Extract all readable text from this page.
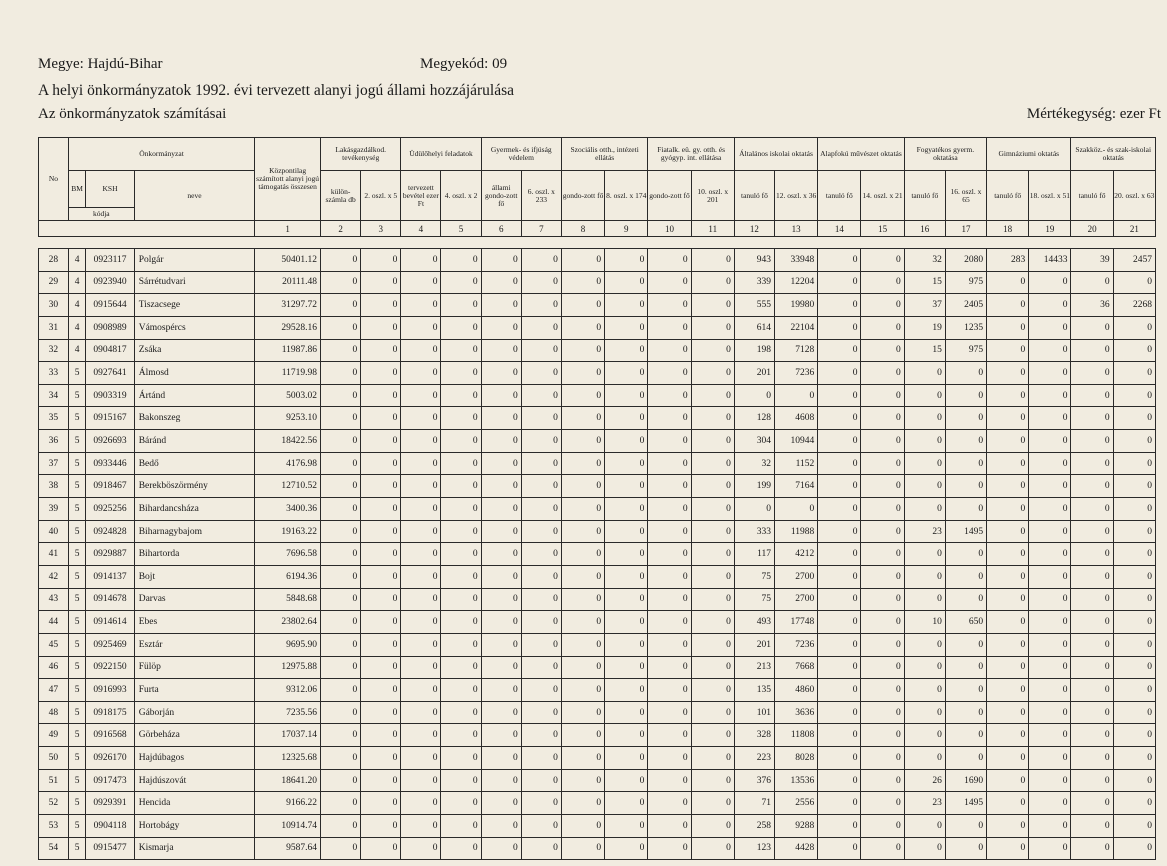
Megye: Hajdú-Bihar	Megyekód: 09
A helyi önkormányzatok 1992. évi tervezett alanyi jogú állami hozzájárulása
Az önkormányzatok számításai	Mértékegység: ezer Ft
No	Önkormányzat			Központilag számított alanyi jogú támogatás összesen	Lakásgazdálkod. tevékenység		Üdülőhelyi feladatok		Gyermek- és ifjúság védelem		Szociális otth., intézeti ellátás		Fiatalk. eü. gy. otth. és gyógyp. int. ellátása		Általános iskolai oktatás		Alapfokú művészet oktatás		Fogyatékos gyerm. oktatása		Gimnáziumi oktatás		Szakköz.- és szak-iskolai oktatás	
	BM	KSH	neve		külön-számla db	2. oszl. x 5	tervezett bevétel ezer Ft	4. oszl. x 2	állami gondo-zott fő	6. oszl. x 233	gondo-zott fő	8. oszl. x 174	gondo-zott fő	10. oszl. x 201	tanuló fő	12. oszl. x 36	tanuló fő	14. oszl. x 21	tanuló fő	16. oszl. x 65	tanuló fő	18. oszl. x 51	tanuló fő	20. oszl. x 63
	kódja																							
				1	2	3	4	5	6	7	8	9	10	11	12	13	14	15	16	17	18	19	20	21

28	4	0923117	Polgár	50401.12	0	0	0	0	0	0	0	0	0	0	943	33948	0	0	32	2080	283	14433	39	2457
29	4	0923940	Sárrétudvari	20111.48	0	0	0	0	0	0	0	0	0	0	339	12204	0	0	15	975	0	0	0	0
30	4	0915644	Tiszacsege	31297.72	0	0	0	0	0	0	0	0	0	0	555	19980	0	0	37	2405	0	0	36	2268
31	4	0908989	Vámospércs	29528.16	0	0	0	0	0	0	0	0	0	0	614	22104	0	0	19	1235	0	0	0	0
32	4	0904817	Zsáka	11987.86	0	0	0	0	0	0	0	0	0	0	198	7128	0	0	15	975	0	0	0	0
33	5	0927641	Álmosd	11719.98	0	0	0	0	0	0	0	0	0	0	201	7236	0	0	0	0	0	0	0	0
34	5	0903319	Ártánd	5003.02	0	0	0	0	0	0	0	0	0	0	0	0	0	0	0	0	0	0	0	0
35	5	0915167	Bakonszeg	9253.10	0	0	0	0	0	0	0	0	0	0	128	4608	0	0	0	0	0	0	0	0
36	5	0926693	Báránd	18422.56	0	0	0	0	0	0	0	0	0	0	304	10944	0	0	0	0	0	0	0	0
37	5	0933446	Bedő	4176.98	0	0	0	0	0	0	0	0	0	0	32	1152	0	0	0	0	0	0	0	0
38	5	0918467	Berekböszörmény	12710.52	0	0	0	0	0	0	0	0	0	0	199	7164	0	0	0	0	0	0	0	0
39	5	0925256	Bihardancsháza	3400.36	0	0	0	0	0	0	0	0	0	0	0	0	0	0	0	0	0	0	0	0
40	5	0924828	Biharnagybajom	19163.22	0	0	0	0	0	0	0	0	0	0	333	11988	0	0	23	1495	0	0	0	0
41	5	0929887	Bihartorda	7696.58	0	0	0	0	0	0	0	0	0	0	117	4212	0	0	0	0	0	0	0	0
42	5	0914137	Bojt	6194.36	0	0	0	0	0	0	0	0	0	0	75	2700	0	0	0	0	0	0	0	0
43	5	0914678	Darvas	5848.68	0	0	0	0	0	0	0	0	0	0	75	2700	0	0	0	0	0	0	0	0
44	5	0914614	Ebes	23802.64	0	0	0	0	0	0	0	0	0	0	493	17748	0	0	10	650	0	0	0	0
45	5	0925469	Esztár	9695.90	0	0	0	0	0	0	0	0	0	0	201	7236	0	0	0	0	0	0	0	0
46	5	0922150	Fülöp	12975.88	0	0	0	0	0	0	0	0	0	0	213	7668	0	0	0	0	0	0	0	0
47	5	0916993	Furta	9312.06	0	0	0	0	0	0	0	0	0	0	135	4860	0	0	0	0	0	0	0	0
48	5	0918175	Gáborján	7235.56	0	0	0	0	0	0	0	0	0	0	101	3636	0	0	0	0	0	0	0	0
49	5	0916568	Görbeháza	17037.14	0	0	0	0	0	0	0	0	0	0	328	11808	0	0	0	0	0	0	0	0
50	5	0926170	Hajdúbagos	12325.68	0	0	0	0	0	0	0	0	0	0	223	8028	0	0	0	0	0	0	0	0
51	5	0917473	Hajdúszovát	18641.20	0	0	0	0	0	0	0	0	0	0	376	13536	0	0	26	1690	0	0	0	0
52	5	0929391	Hencida	9166.22	0	0	0	0	0	0	0	0	0	0	71	2556	0	0	23	1495	0	0	0	0
53	5	0904118	Hortobágy	10914.74	0	0	0	0	0	0	0	0	0	0	258	9288	0	0	0	0	0	0	0	0
54	5	0915477	Kismarja	9587.64	0	0	0	0	0	0	0	0	0	0	123	4428	0	0	0	0	0	0	0	0
